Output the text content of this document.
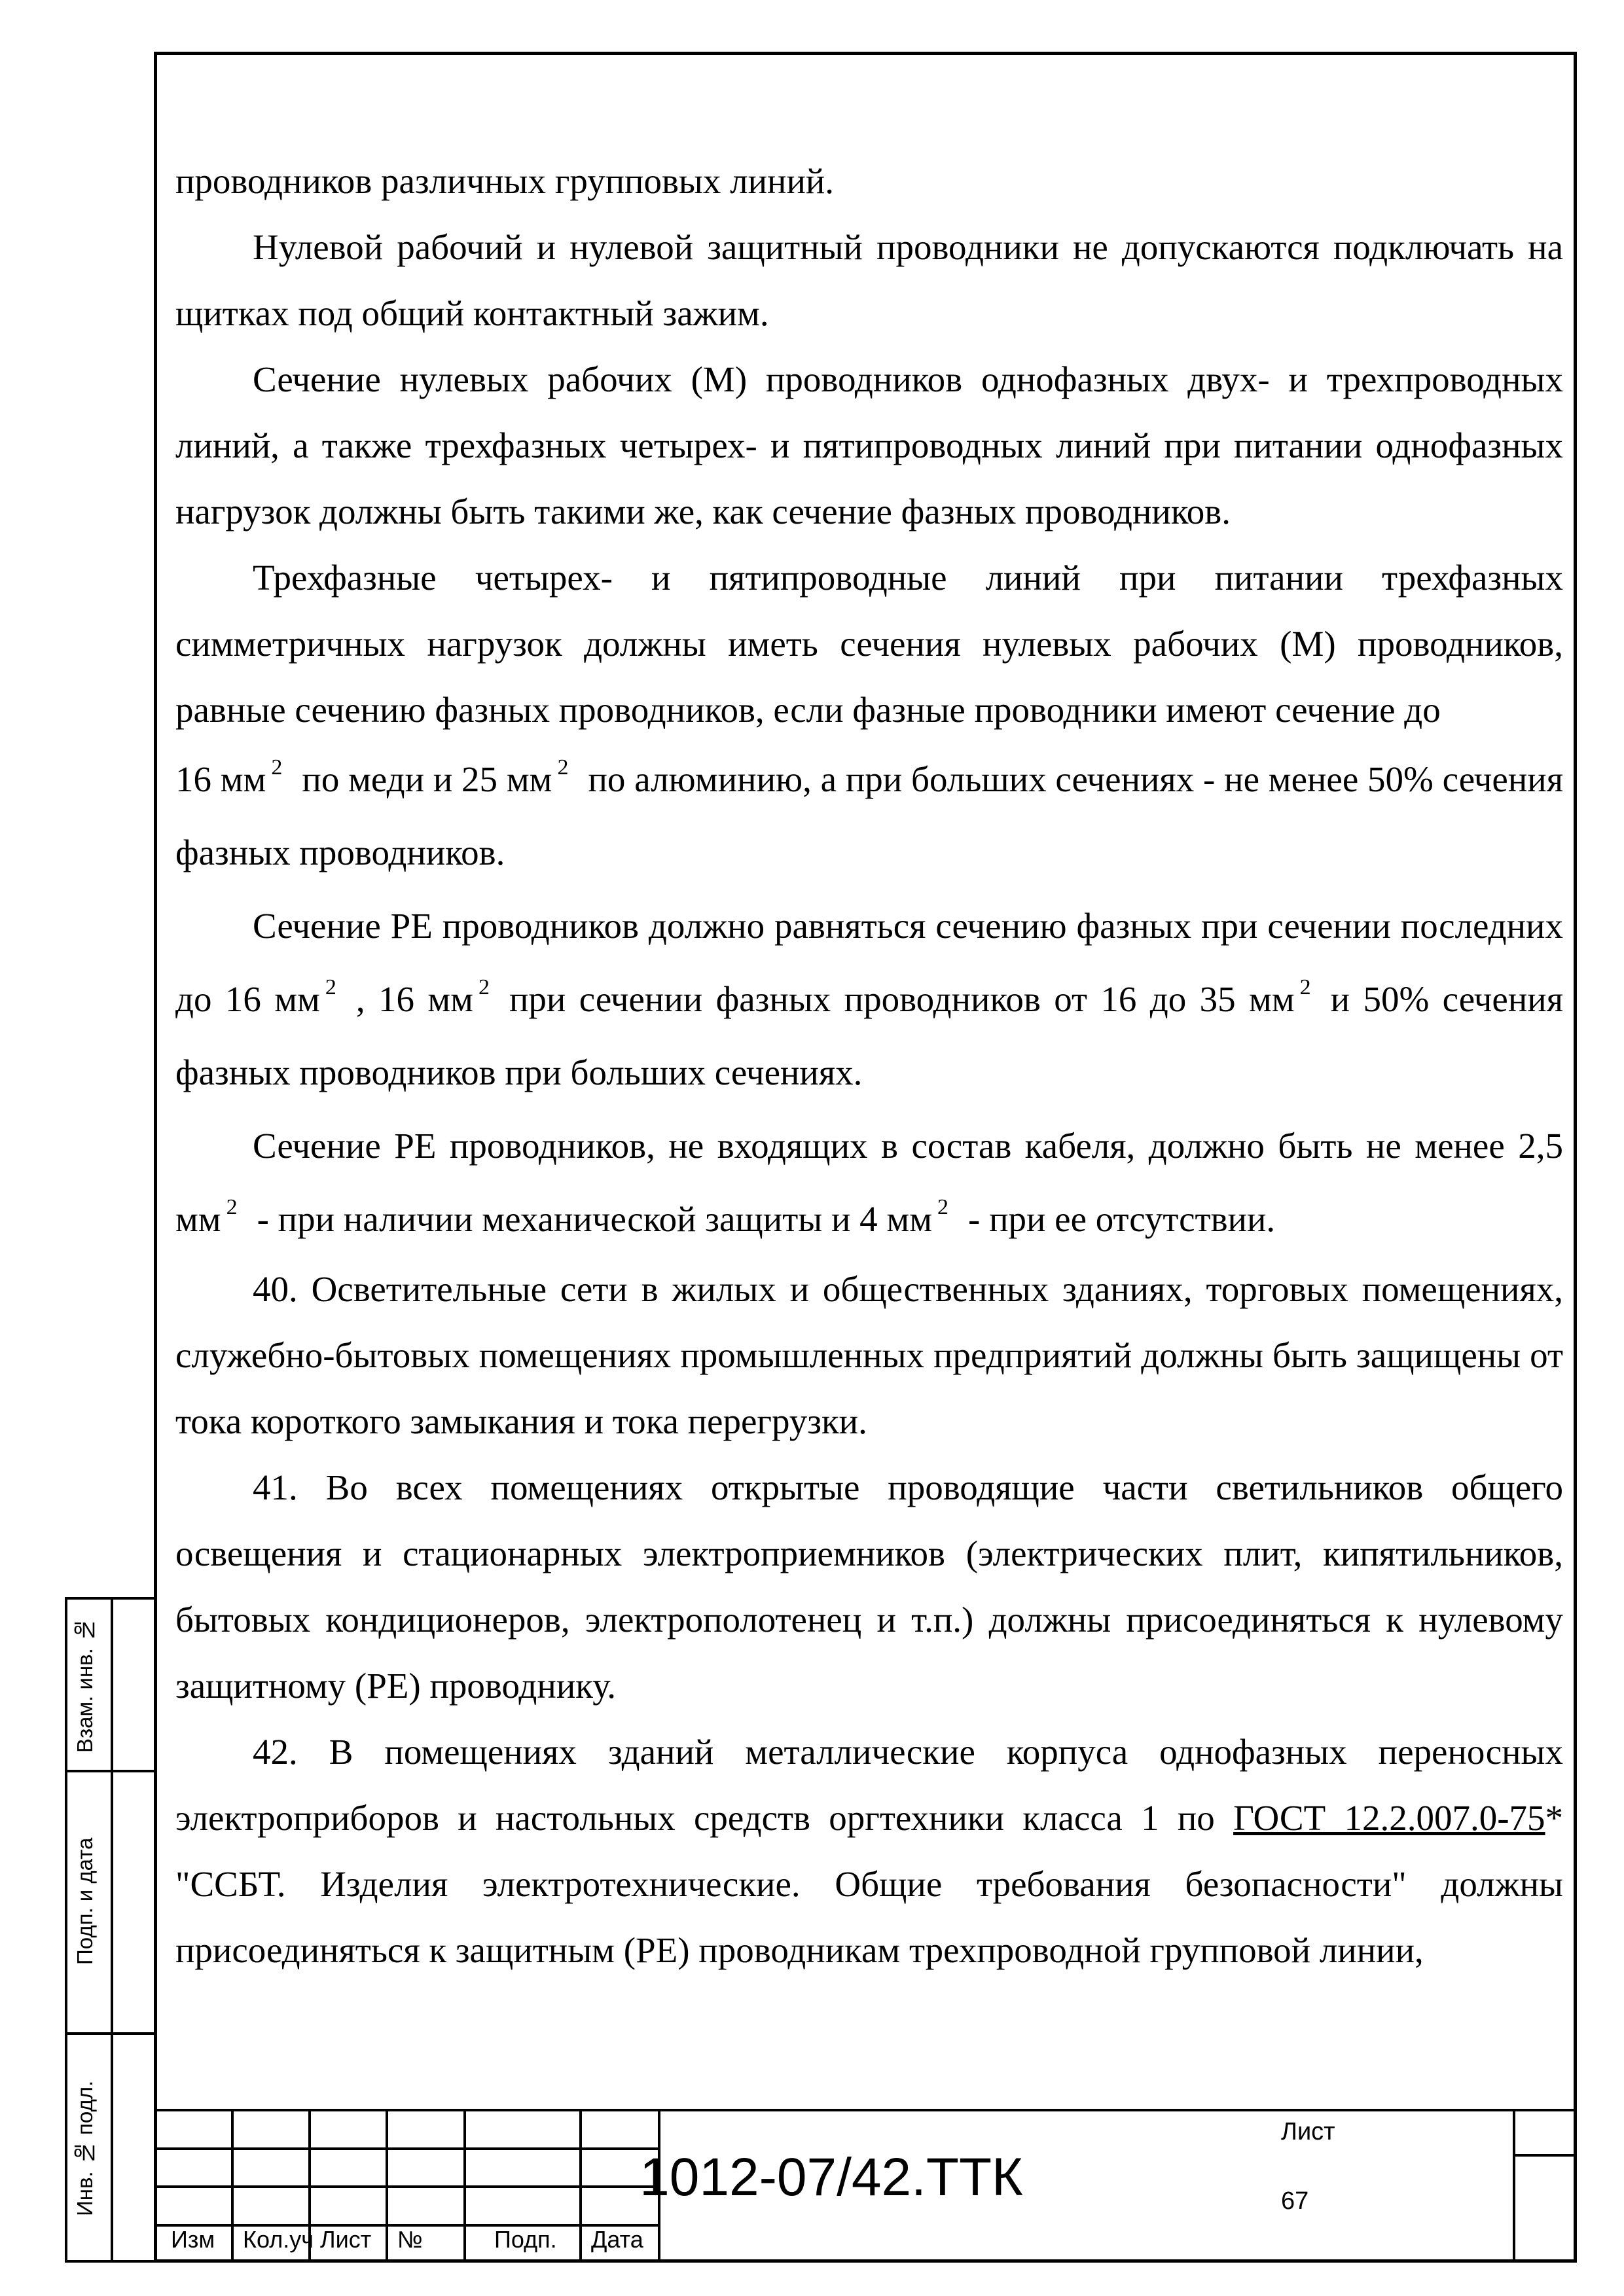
проводников различных групповых линий.

Нулевой рабочий и нулевой защитный проводники не допускаются подключать на щитках под общий контактный зажим.

Сечение нулевых рабочих (М) проводников однофазных двух- и трехпроводных линий, а также трехфазных четырех- и пятипроводных линий при питании однофазных нагрузок должны быть такими же, как сечение фазных проводников.

Трехфазные четырех- и пятипроводные линий при питании трехфазных симметричных нагрузок должны иметь сечения нулевых рабочих (М) проводников, равные сечению фазных проводников, если фазные проводники имеют сечение до

16 мм $^2$ по меди и 25 мм $^2$ по алюминию, а при больших сечениях - не менее 50% сечения фазных проводников.

Сечение РЕ проводников должно равняться сечению фазных при сечении последних до 16 мм $^2$ , 16 мм $^2$ при сечении фазных проводников от 16 до 35 мм $^2$ и 50% сечения фазных проводников при больших сечениях.

Сечение РЕ проводников, не входящих в состав кабеля, должно быть не менее 2,5 мм $^2$ - при наличии механической защиты и 4 мм $^2$ - при ее отсутствии.

40. Осветительные сети в жилых и общественных зданиях, торговых помещениях, служебно-бытовых помещениях промышленных предприятий должны быть защищены от тока короткого замыкания и тока перегрузки.

41. Во всех помещениях открытые проводящие части светильников общего освещения и стационарных электроприемников (электрических плит, кипятильников, бытовых кондиционеров, электрополотенец и т.п.) должны присоединяться к нулевому защитному (РЕ) проводнику.

42. В помещениях зданий металлические корпуса однофазных переносных электроприборов и настольных средств оргтехники класса 1 по ГОСТ 12.2.007.0-75* "ССБТ. Изделия электротехнические. Общие требования безопасности" должны присоединяться к защитным (РЕ) проводникам трехпроводной групповой линии,

Взам. инв. №
Подп. и дата
Инв. № подл.
Изм Кол.уч Лист №	Подп. Дата
1012-07/42.ТТК
Лист
67
